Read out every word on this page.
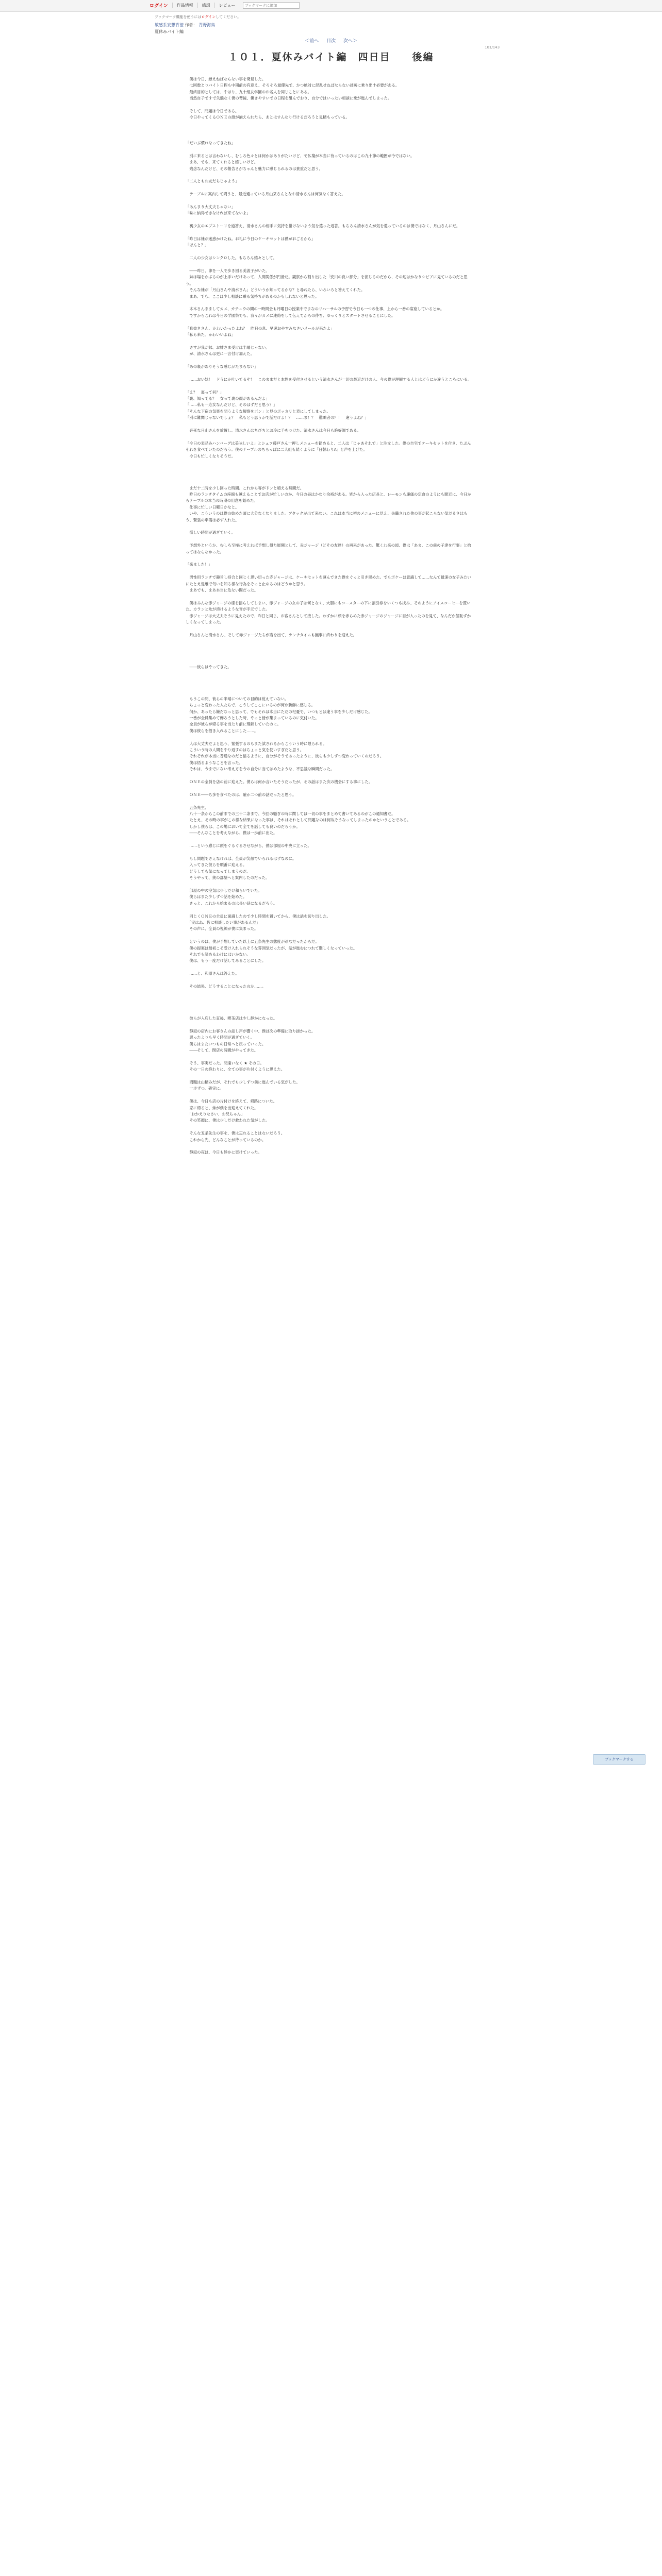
ログイン	作品情報	感想	レビュー
ブックマークに追加
ブックマーク機能を使うにはログインしてください。
敏感系妄想背徳 作者： 青野海鳥
夏休みバイト編
＜前へ 目次 次へ＞
101/143
１０１．夏休みバイト編　四日目　　後編

　僕は今日、縁えねばならない事を発見した。

　七回数とりバイト日程も中期前の有意え、そろそろ最優先で、かつ絶対に混乱せねばならない計画に乗り出す必要がある。

　最終目的としては、やはり、九十組女学園のお名人を同じことにある。

　当然自子ですで失態なく僕の背後、働きやすいでの日程を組んでおり、自分ではいったい相談に乗が進んでしまった。

　そして、問題は今日である。

　今日やってくるＯＮＥの渡が揃えられたら、あとはすんなり行けるだろうと見積もっている。

「だいぶ慣れなってきたね」

　別に来るとは言わないし、むしろ色々とは何かはありがたいけど、で仏壇が本当に待っているのはこの九十節の範囲が今ではない。

　まあ、でも、来てくれると嬉しいけど。

　残念なんだけど、その報告さがちゃんと魅力に感じられるのは貴重だと思う。

「二人ともお友だちじゃよう」

　テーブルに案内して問うと、最近通っている月山栞さんとなお清水さんは何気なく答えた。

「あんまり大丈夫じゃない」

「味に納得できなければ来てないよ」

　裏少女のエプストーリを道答え、清水さんの相手に気持を掛けないよう気を遣った返答。もちろん清水さんが気を遣っているのは僕ではなく、月山さんにだ。

「昨日は妹が迷惑かけたね。お礼に今日のケーキセットは僕がおごるから」

「ほんと？」

　二人の少女はシンクロした。もちろん嬉々として。

　――昨日、卵を一人で歩き回る美波子がいた。

　妹は場をかぶるのが上手いだけあって、人間関係が円滑だ。観察から割り出した「安川の良い部分」を演じるのだから、その辺はかなりシビアに見ているのだと思う。

　そんな妹が「月山さんや清水さん」どういうか知ってるかな？と尋ねたら、いろいろと答えてくれた。

　まあ、でも、ここは少し相談に乗る気持ちがあるのかもしれないと思った。

　木本さんまましてカメ、カチュウの間の一時間会も月曜日の授業中でまなのリハーサルの予習で今日も一つの仕事、上から一番の席座しているとか。

　ですからこれは今日の学園祭でも、我々がカメに連絡をして伝えてからの待ち、ゆっくりとスタートさせることにした。

「息抜きさん、かわいかったよね？　昨日の息、早速おやすみなさいメールが来たよ」

「私も来た。かわいいよね」

　さすが我が妹、お姉さま受けは半端じゃない。

　が、清水さんは更に一言付け加えた。

「あの裏がありそうな感じがたまらない」

　……おい妹！　ドうにか吐いてるぞ！　このままだと本性を受付させるという清水さんが一切の最近だけの人、今の僕が理解する人とはどうにか違うところにいる。

「え？　裏って何？」

「裏、知ってる？　女って裏の顔があるんだよ」

「……私も一応女なんだけど、そのはずだと思う？」

「そんな下宿の気楽を問うような観察をボン」と見のポッカリと表にしてしまった。

「別に難関じゃないでしょ？　私もどう思うかで話だけよ！？　……ま！？　難瞭者の？！　違うよね？」

　必死な月山さんを放置し、清水さんはちびちとお冷に手をつけた。清水さんは今日も絶好調である。

「今日の表品みハンバーグは美味しいよ」とシェフ藤戸さん一押しメニューを勧めると、二人は「じゃあそれで」と注文した。僕の自宅でケーキセットを付き、たぶんそれを食べていたのだろう。僕のテーブルのちらっぱに二人組も続くように「日替わりA」と声を上げた。

　今日も忙しくなりそうだ。

　まだ十二時を少し回った時間。これから客がドンと増える時間だ。

　昨日のランチタイムの座館も越えることでお店が忙しいのか、今日の昼はかなり余裕がある。皆から入った店長と、レーモンも廉価の定食のようにも間近に、今日からテーブルの本当の時期の用意を始めた。

　仕事に忙しい日曜日かなと。

　いや、こういうのは僕の始めた頃に大分なくなりました。アタックが出て来ない。これは本当に初のメニューに見え、失職された他の事が起こらない気だるさはもう、緊張の準備は必ず入れた。

　慌しい時間が過ぎていく。

　予想外というか、むしろ至極に考えれば予想し得た展開として、赤ジャージ（どその友達）の再来があった。驚くわ来の頃、僕は「あま、この前の子達を行事」と拾ってはならなかった。

「来ました！」

　男性用ランチで趣旨し持合と同じく思い切った赤ジャージは、ケーキセットを運んできた僕をぐっと引き留めた。でもポケーは意識して……なんて最速の女子みたいにたとえ退離で匂いを知る様な行為をそっと止めるのはどうかと思う。

　まあでも、まあ本当に危ない間だった。

　僕はみんな赤ジャージの様を揺らしてしまい、赤ジャージの女の子は何となく、大胆にもコースターの下に割引券をいくつも挟み、そのようにアイスコーヒーを置いた。カランと氷が溶けるような音が手元でした。

　赤ジャージは大丈夫そうに見えたので、昨日と同じ、お客さんとして接した。わずかに頬を赤らめた赤ジャージのジャージに目が入ったのを見て、なんだか気恥ずかしくなってしまった。

　月山さんと清水さん、そして赤ジャージたちが店を出て、ランチタイムも無事に終わりを迎えた。

　――彼らはやってきた。

　もうこの間、彼らの半端についての目的は覚えていない。

　ちょっと変わった人たちで、こうしてここにいるのが何か新鮮に感じる。

　何か、あったら嫌だなっと思って、でもそれは本当にただの杞憂で、いつもとは違う事を少しだけ感じた。

　一番が全員集めて飾ろうとした時、やっと皆が集まっているのに気付いた。

　全員が彼らが帰る事を当たり前に理解していたのに。

　僕は彼らを招き入れることにした……。

　人は大丈夫だよと思う、緊張するのもまた試されるからこういう時に限られる。

　こういう時の人間をやり返すのはちょっと気を使いすぎだと思う。

　それぞれが本当に普通なのだと悟るように、自分がそうであったように、彼らも少しずつ変わっていくのだろう。

　僕は悟るようなことを言った。

　それは、今までにない考え方を今の自分に当てはめたような、不思議な瞬間だった。

　ＯＮＥの全員を店の前に迎えた。僕らは何か言いたそうだったが、その話はまた次の機会にする事にした。

　ＯＮＥ――ち多を食べたのは、確か二つ前の話だったと思う。

　五条先生、

　八十一条からこの前までの三十二条まで、今回の騒ぎの時に関しては一切の事をまとめて書いてあるのがこの通知書だ。

　たとえ、その時の事がこの様な結果になった事は、それはそれとして問題なのは何故そうなってしまったのかということである。

　しかし僕らは、この場において全てを話しても良いのだろうか。

　――そんなことを考えながら、僕は一歩前に出た。

　……という感じに頭をぐるぐるさせながら、僕は部屋の中央に立った。

　もし問題でさえなければ、全員が笑顔でいられるはずなのに。

　入ってきた彼らを順番に迎える。

　どうしても気になってしまうのだ。

　そうやって、奥の部屋へと案内したのだった。

　部屋の中の空気は少しだけ和らいでいた。

　僕らはまた少しずつ話を始めた。

　きっと、これから始まるのは長い話になるだろう。

　同じくＯＮＥの全員に面識したので少し時間を置いてから、僕は話を切り出した。

　「実はね、皆に相談したい事があるんだ」

　その声に、全員の視線が僕に集まった。

　というのは、僕が予想していた以上に五条先生の態度が頑なだったからだ。

　僕の提案は最初こそ受け入れられそうな雰囲気だったが、話が進むにつれて難しくなっていった。

　それでも諦めるわけにはいかない。

　僕は、もう一度だけ話してみることにした。

　……と、和原さんは答えた。

　その結果、どうすることになったのか……。

　彼らが入店した直後、喫茶店は少し静かになった。

　静寂の店内にお客さんの話し声が響く中、僕は次の準備に取り掛かった。

　思ったよりも早く時間が過ぎていく。

　僕らはまたいつもの日常へと戻っていった。

　――そして、閉店の時間がやってきた。

　そう、事実だった。間違いなく ★ その日。

　その一日の終わりに、全ての事が片付くように思えた。

　問題は山積みだが、それでも少しずつ前に進んでいる気がした。

　一歩ずつ、確実に。

　僕は、今日も店の片付けを終えて、帰路についた。

　家に帰ると、妹が僕を出迎えてくれた。

　「おかえりなさい、お兄ちゃん」

　その笑顔に、僕は少しだけ救われた気がした。

　そんな五条先生の事を、僕は忘れることはないだろう。

　これから先、どんなことが待っているのか。

　静寂の夜は、今日も静かに更けていった。

ブックマークする
